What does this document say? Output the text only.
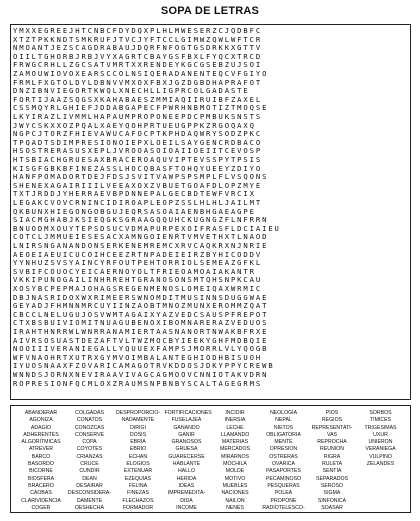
SOPA DE LETRAS
YMXXEGREEJHTCNBCFDYDQXPLHLMWESERZCJQDBFC
XTZTPKKNDTSMKRUFJTVCJYFTCCLGIMWZQWLWFTCR
NMOANTJEZSCAGDRABAUJDQRFNFOGTGSDRKKXGTTV
OIILTGHORBJRBJVYXAGRTCBAYGSFBXLFYQCXTRCD
FRWGCRHLLZGCSATVMRTXXRENDEYKGCGSEBZUJSOI
ZAMOUWIOVOXEARSCCOLNSIQERADANENTEQCVFGIYO
FRMLFXGTOLDYLDBNVVMXOXFBXJGZDGBDHAPRAFOT
DNZIBNVIEGORTKWQLXNECHLLIGPRCOLGADASTE
FORTIJAAZSQGSXKAHABAESZMMIAQIIRUIBFZAXEL
CSSMQYRLGHIEFJDDABGAPECFPWRHNBMOTIZTMOQSE
LKYIRAZLIVMMLHAPAUMPROPONEEPDCPMBUKSNSTS
JWYCSKXXOZPQALXAEYQOHPRTUEUGPPKZRGOQAXQ
NGPCJTORZFHIEVAWUCAFOCPTKPHDAQWRYSODZPKC
TPQADTSDIMPRESIONOIEPXLOEILSAYGENCRDBACO
HSOSTRERASUSXEPLJVROOASOIOAIIOEIITCEVOSP
HTSBIACHGRUESAXBRACEROAQUVIPTEVSSPYTPSIS
KISGFGBKBFINEZASSLHOCQBASFTOHQYUEEYZDIYO
HANFPOMADORTDEJFDSJSVITVAWPSPSMPLFLVSQONS
SHENEXAGAIRIIILVEEAXOXZVBUETGOAFDLOPZMYE
TXTJRDDJYHERRAEVBPDNNEPALGECBDTEWFVRCIX
LEGAKCVOVCRNINCIDIROAPLEOPZSSLHLHLJAILMT
QKBUNXHIEGONGOBGUJEQRSASOAIAENBHGAEAGPE
SIACMGHABJKSIEQGKSGRAAGQQUHCKUGNGZFLNFRRN
BNUODMXOUYTEPSDSUCVDMAPURPEXOIFRASFLDCIAIEU
COTCLJMMUEIESESACXAMNGOIENRTVMVETHXTLNAOD
LNIRSNGANANDONSERKENEMREMCXRVCAQKRXNJNRIE
AEOEIAEUICUCOIHCEEZRTNPADEIEIRZBYHICODDV
YYNHUZSVSYAINCYRFOUTPEHTORRIOLSEMEAZGFKL
SVBIFCOUOCYEICAERNOYOLTFRIEOAMOAIAKANTR
VKKIPUNOGAILINHRREHTGRANOSONSMTQHSNPKCAU
XOSYBCPEPMAJOHAGSREGENMENOSLOMEIQAXWRMIC
DBJNASRIDOXWXRIMEERSWNOMDITMUSINNSDUGGWAE
GEYADJFHMNNMRCUYIINZAOBTMNOZMUNXEROMMZQAT
CBCCLNELUGUJOSVWMTAGAIXYAZVEDCSAUSPFREPOT
CTXBSBUIVIOMITNUAGUBENOXIBOMNARERAZVEDUOS
IRAHTHNRRWLWNRRANAMIERTAASNANORTNWAKBFRXE
AIVRSOSUASTDEZAFTVLTWZMOCBYIEEKYGHFMDBQIE
NOOIIIVERANIEGALLYQUUEXFAMPSJMORRLVLYQOGB
WFVNAOHRTXUTRXGYMVOIMBALANTEGHIODHBISUOH
IYUOSNAAXFZOVARICAMAGOTRVKDDOSJDKYPPYCREWB
WNNDSJORNXNEVIRAAVIVAGCAGMOOVCNNIOTAKVDRN
ROPRESIONFQCMLOXZRAUMSNPBNBYSCALTAGEGRMS
ABANDERAR
AGONIZA
ADAGIO
ADHERENTES
ALGORITMICAS
ATREVER
BARCO
BASORDO
BICORNE
BIOSFERA
BRACERO
CAOBAS
CLARIVIDENCIA
COGER
COLGADAS
CONATOS
CONOZCAS
CONSERVE
COPA
COYOTES
CRIANZAS
CRUCE
CUNDIR
DEAN
DESAIRAR
DESCONSIDERA-
DAMENTE
DESHECHA
DESPROPORCIO-
NADAMENTE
DIRIGI
DOSIS
EBRIA
EBRIO
ECHAN
ELOGIOS
EXTENUAR
EZEQUIAS
FELINA
FINEZAS
FLECHAZOS
FORMADOR
FORTIFICACIONES
FUSELAJEA
GANANDO
GANIR
GRANOSOS
GRUESA
GUARECERSE
HABLANTE
HALLO
HERIDA
IDEAS
IMPREMEDITA-
DIDA
INCOME
INCIDIR
INERSIA
LECHE
LLAMANDO
MATERIAS
MERCADOS
MIRARNOS
MOCHILA
MOLDE
MOTIVO
MUEBLES
NACIONES
NAILON
NENES
NEOLOGIA
NEPAL
NIETOS
OBLIGATORIA
MENTE
OPRESION
OSTRERAS
OVARICA
PASAPORTES
PECAMINOSO
PESQUERAS
POLEA
PROPONE
RADIOTELESCO-
PIOS
REGIOS
REPRESENTATI-
VAS
REPROCHA
REUNION
RIGRA
RULETA
SENTIA
SEPARADOS
SEROSO
SIGMA
SINFONICA
SOASAR
SORBOS
TIMICES
TRIGESIMAS
UXUR
UNIERON
VERANIEGA
VULPINO
ZELANDES
